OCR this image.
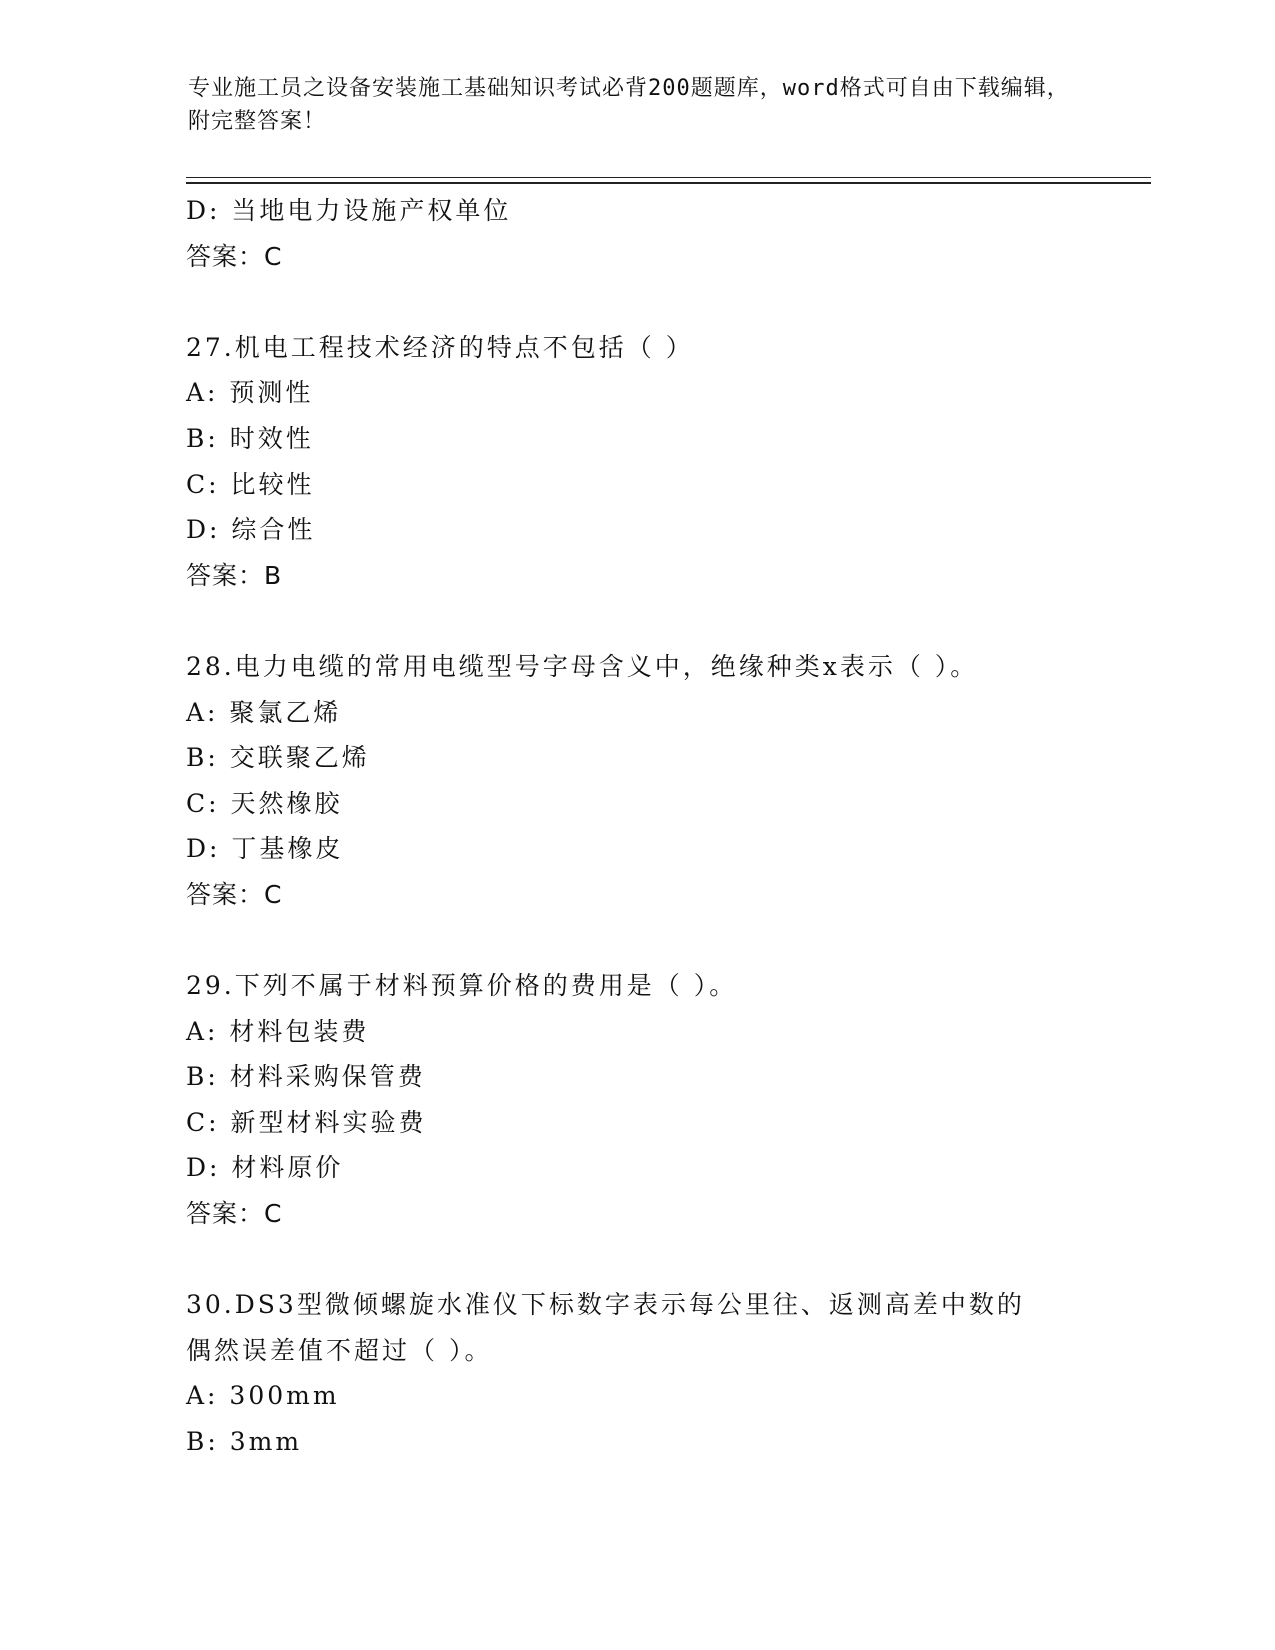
专业施工员之设备安装施工基础知识考试必背200题题库，word格式可自由下载编辑，附完整答案！
D: 当地电力设施产权单位
答案：C
27.机电工程技术经济的特点不包括（ ）
A: 预测性
B: 时效性
C: 比较性
D: 综合性
答案：B
28.电力电缆的常用电缆型号字母含义中，绝缘种类x表示（ ）。
A: 聚氯乙烯
B: 交联聚乙烯
C: 天然橡胶
D: 丁基橡皮
答案：C
29.下列不属于材料预算价格的费用是（ ）。
A: 材料包装费
B: 材料采购保管费
C: 新型材料实验费
D: 材料原价
答案：C
30.DS3型微倾螺旋水准仪下标数字表示每公里往、返测高差中数的偶然误差值不超过（ ）。
A: 300mm
B: 3mm
